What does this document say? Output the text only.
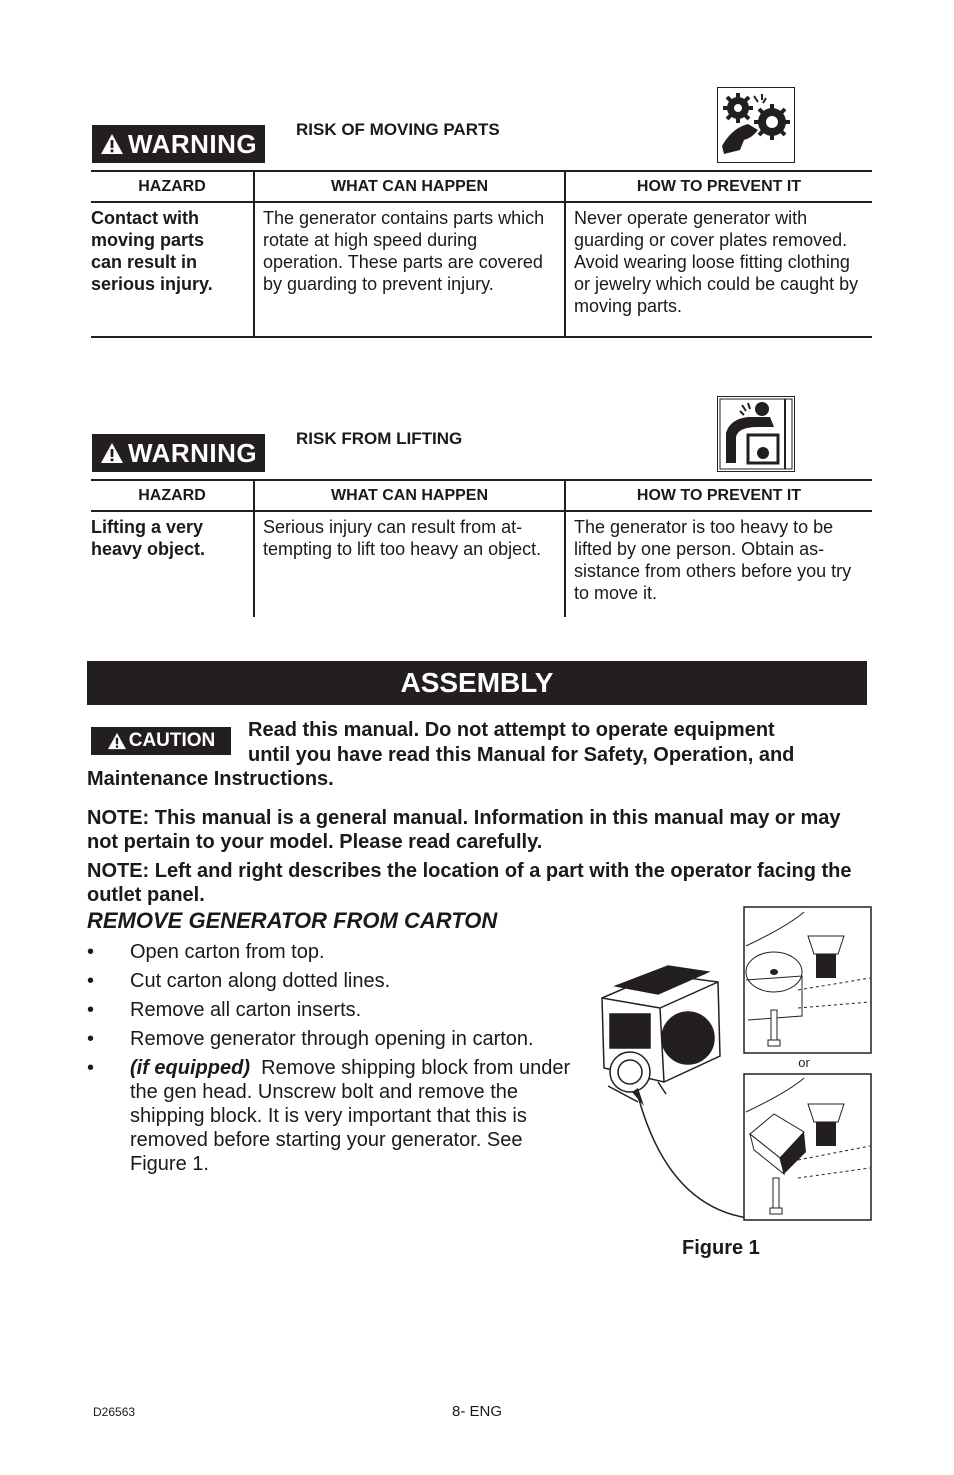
WARNING RISK OF MOVING PARTS
HAZARD	WHAT CAN HAPPEN	HOW TO PREVENT IT
Contact with moving parts can result in serious injury.	The generator contains parts which rotate at high speed during operation. These parts are covered by guarding to prevent injury.	Never operate generator with guarding or cover plates removed. Avoid wearing loose fitting clothing or jewelry which could be caught by moving parts.
WARNING RISK FROM LIFTING
HAZARD	WHAT CAN HAPPEN	HOW TO PREVENT IT
Lifting a very heavy object.	Serious injury can result from at-tempting to lift too heavy an object.	The generator is too heavy to be lifted by one person. Obtain as-sistance from others before you try to move it.
ASSEMBLY
CAUTION Read this manual. Do not attempt to operate equipment
until you have read this Manual for Safety, Operation, and
Maintenance Instructions.
NOTE: This manual is a general manual. Information in this manual may or may not pertain to your model. Please read carefully.
NOTE: Left and right describes the location of a part with the operator facing the outlet panel.
REMOVE GENERATOR FROM CARTON
• Open carton from top.
• Cut carton along dotted lines.
• Remove all carton inserts.
• Remove generator through opening in carton.
• (if equipped) Remove shipping block from under the gen head. Unscrew bolt and remove the shipping block. It is very important that this is removed before starting your generator. See Figure 1.
or
Figure 1
D26563	8- ENG
